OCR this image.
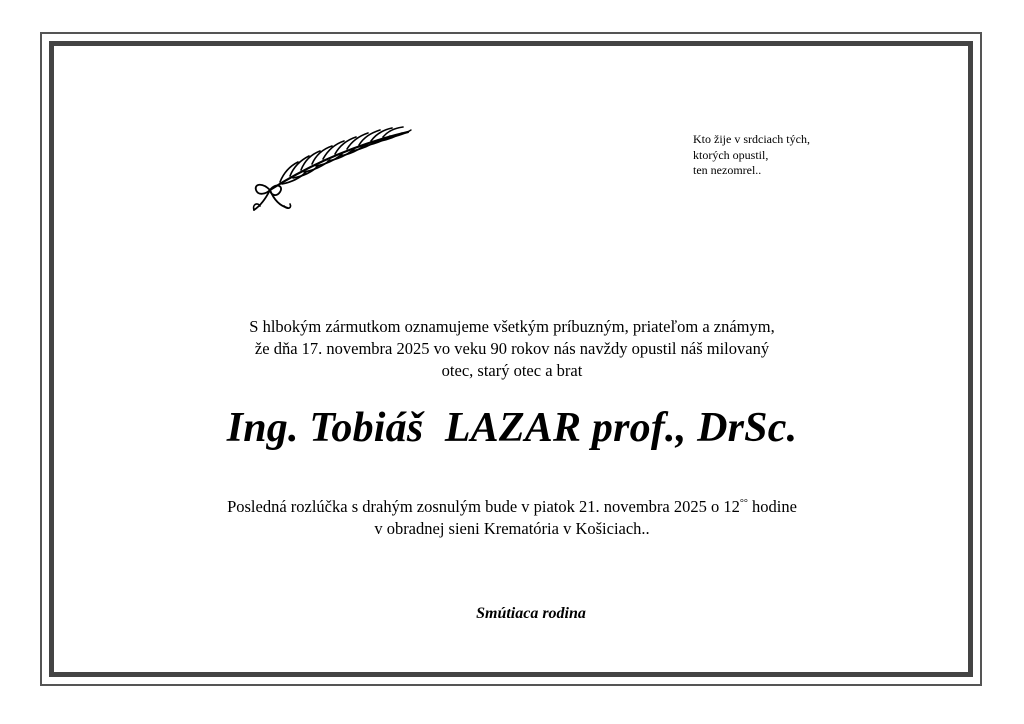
Kto žije v srdciach tých,
ktorých opustil,
ten nezomrel..
S hlbokým zármutkom oznamujeme všetkým príbuzným, priateľom a známym,
že dňa 17. novembra 2025 vo veku 90 rokov nás navždy opustil náš milovaný
otec, starý otec a brat
Ing. Tobiáš  LAZAR prof., DrSc.
Posledná rozlúčka s drahým zosnulým bude v piatok 21. novembra 2025 o 12°° hodine
v obradnej sieni Krematória v Košiciach..
Smútiaca rodina
